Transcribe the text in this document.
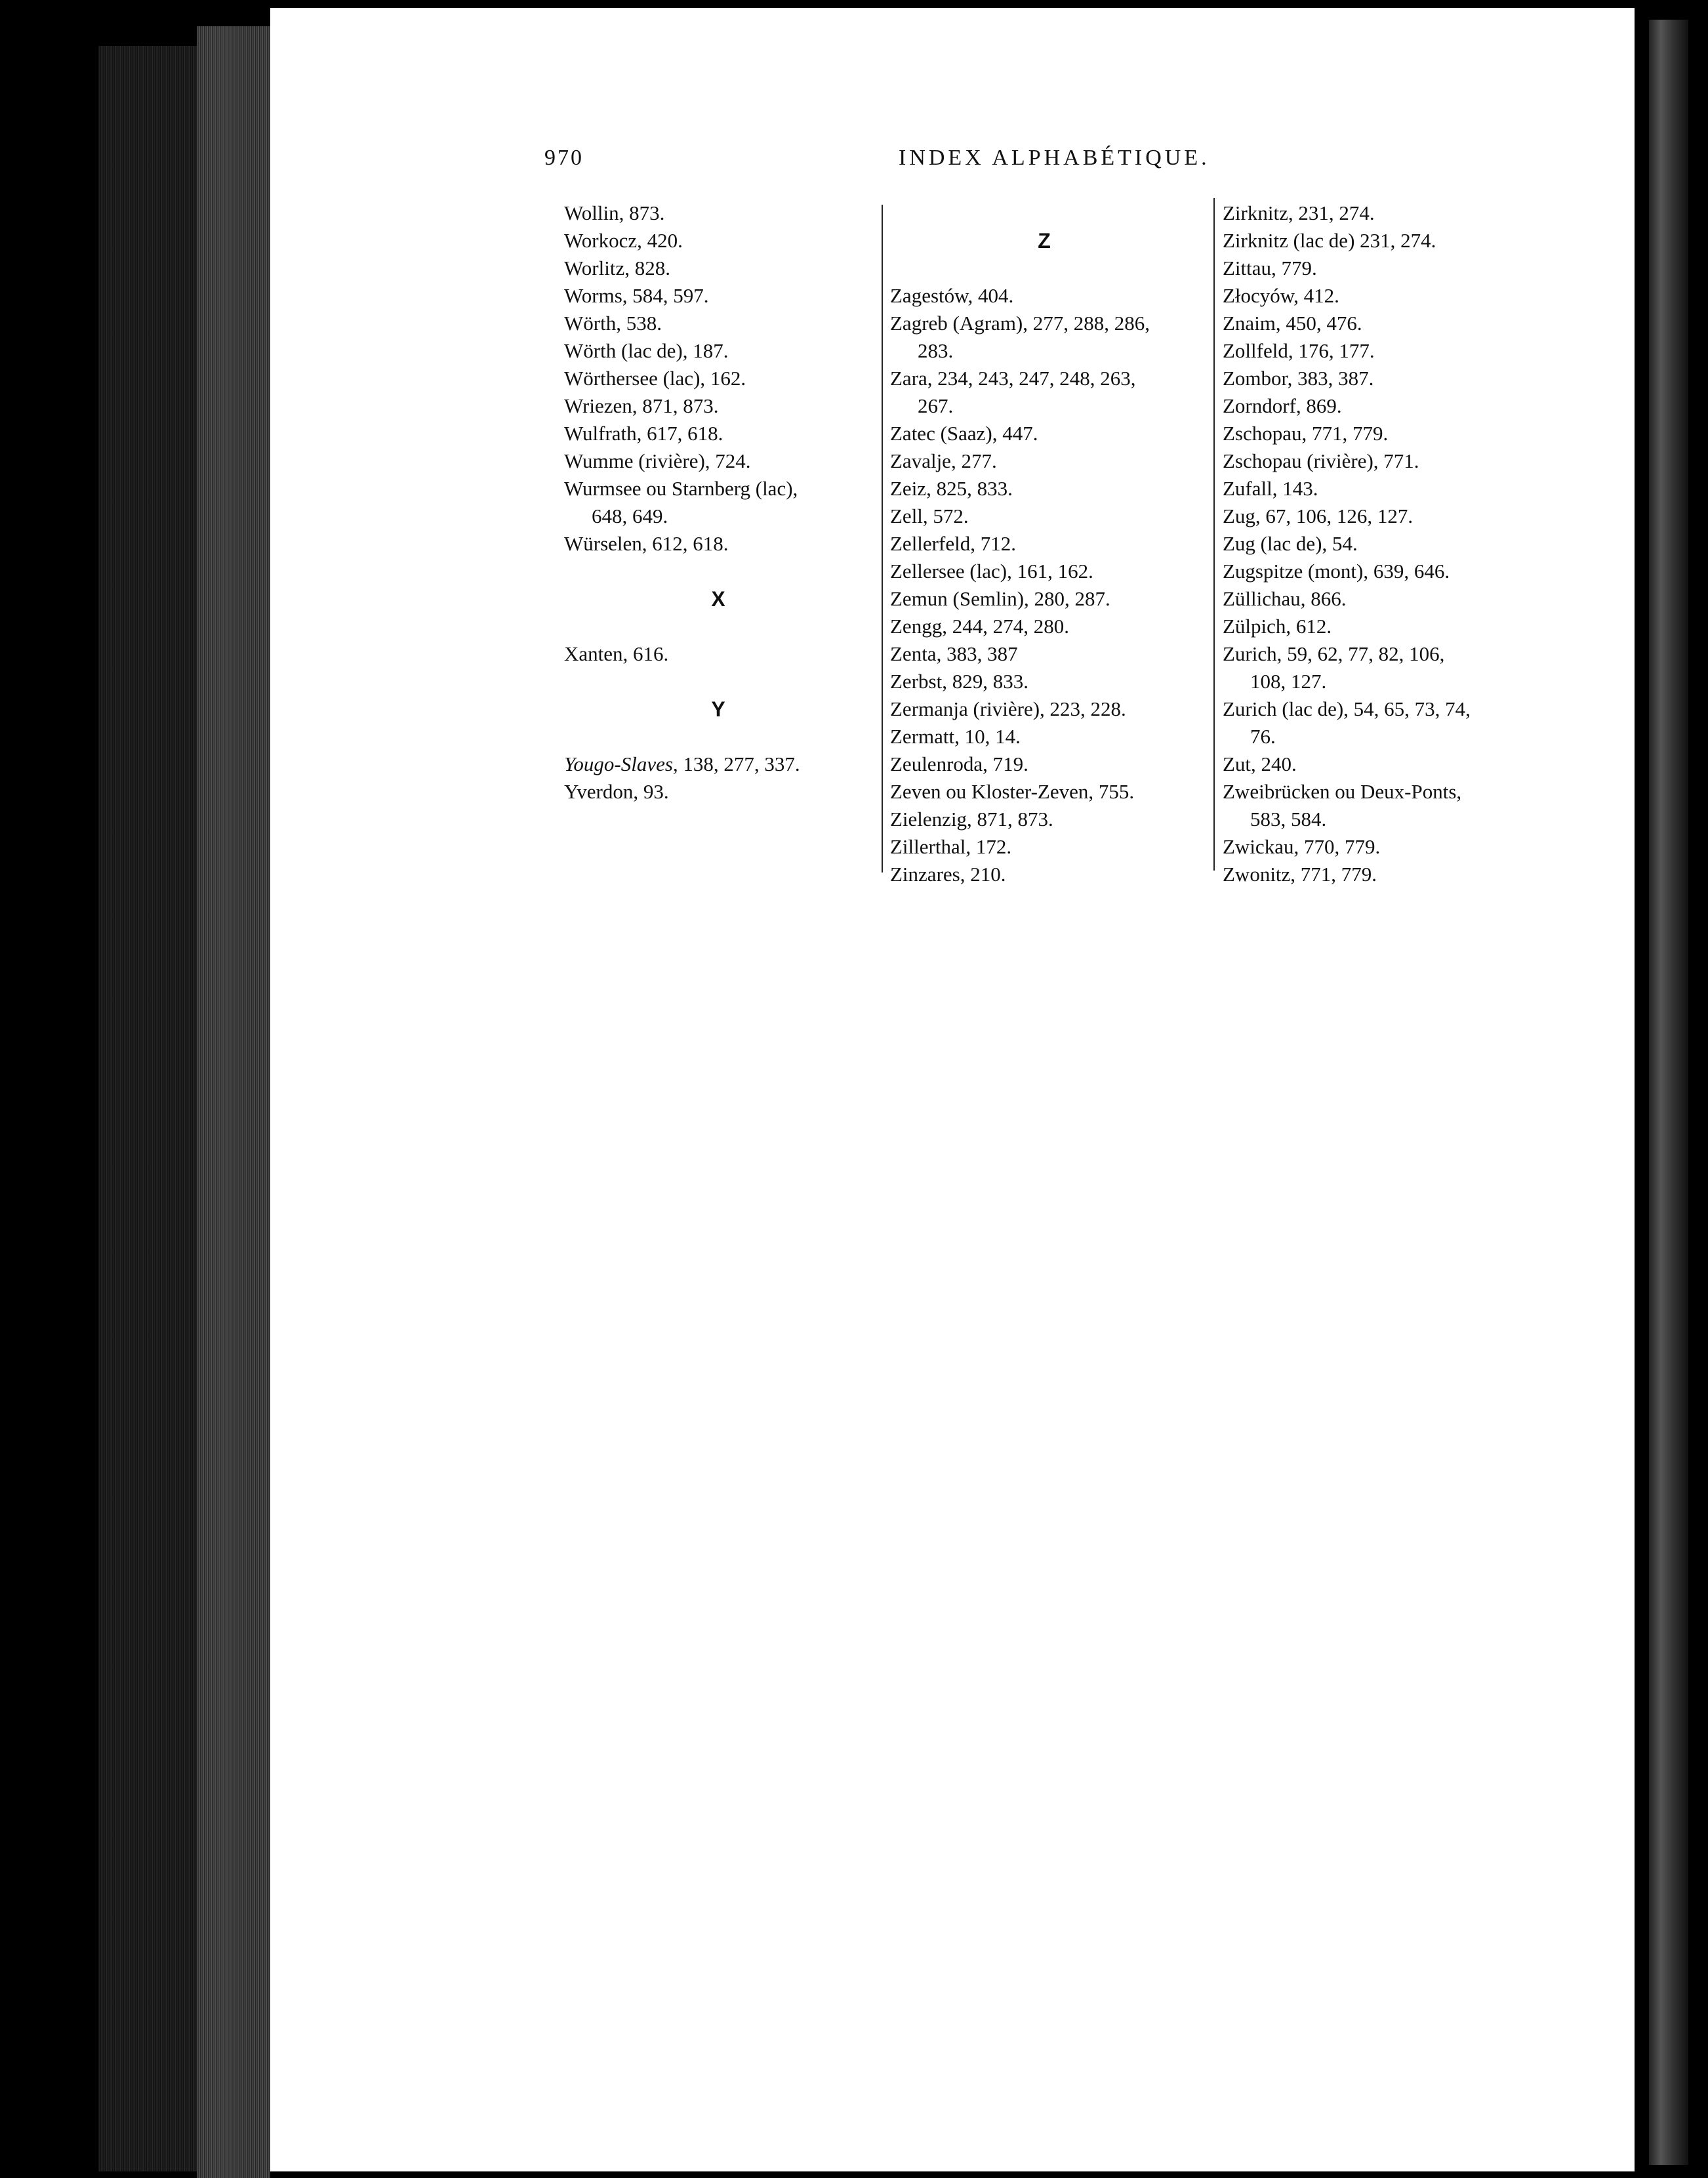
970	INDEX ALPHABÉTIQUE.
Wollin, 873.
Workocz, 420.
Worlitz, 828.
Worms, 584, 597.
Wörth, 538.
Wörth (lac de), 187.
Wörthersee (lac), 162.
Wriezen, 871, 873.
Wulfrath, 617, 618.
Wumme (rivière), 724.
Wurmsee ou Starnberg (lac),
648, 649.
Würselen, 612, 618.
X
Xanten, 616.
Y
Yougo-Slaves, 138, 277, 337.
Yverdon, 93.
Z
Zagestów, 404.
Zagreb (Agram), 277, 288, 286,
283.
Zara, 234, 243, 247, 248, 263,
267.
Zatec (Saaz), 447.
Zavalje, 277.
Zeiz, 825, 833.
Zell, 572.
Zellerfeld, 712.
Zellersee (lac), 161, 162.
Zemun (Semlin), 280, 287.
Zengg, 244, 274, 280.
Zenta, 383, 387
Zerbst, 829, 833.
Zermanja (rivière), 223, 228.
Zermatt, 10, 14.
Zeulenroda, 719.
Zeven ou Kloster-Zeven, 755.
Zielenzig, 871, 873.
Zillerthal, 172.
Zinzares, 210.
Zirknitz, 231, 274.
Zirknitz (lac de) 231, 274.
Zittau, 779.
Złocyów, 412.
Znaim, 450, 476.
Zollfeld, 176, 177.
Zombor, 383, 387.
Zorndorf, 869.
Zschopau, 771, 779.
Zschopau (rivière), 771.
Zufall, 143.
Zug, 67, 106, 126, 127.
Zug (lac de), 54.
Zugspitze (mont), 639, 646.
Züllichau, 866.
Zülpich, 612.
Zurich, 59, 62, 77, 82, 106,
108, 127.
Zurich (lac de), 54, 65, 73, 74,
76.
Zut, 240.
Zweibrücken ou Deux-Ponts,
583, 584.
Zwickau, 770, 779.
Zwonitz, 771, 779.
